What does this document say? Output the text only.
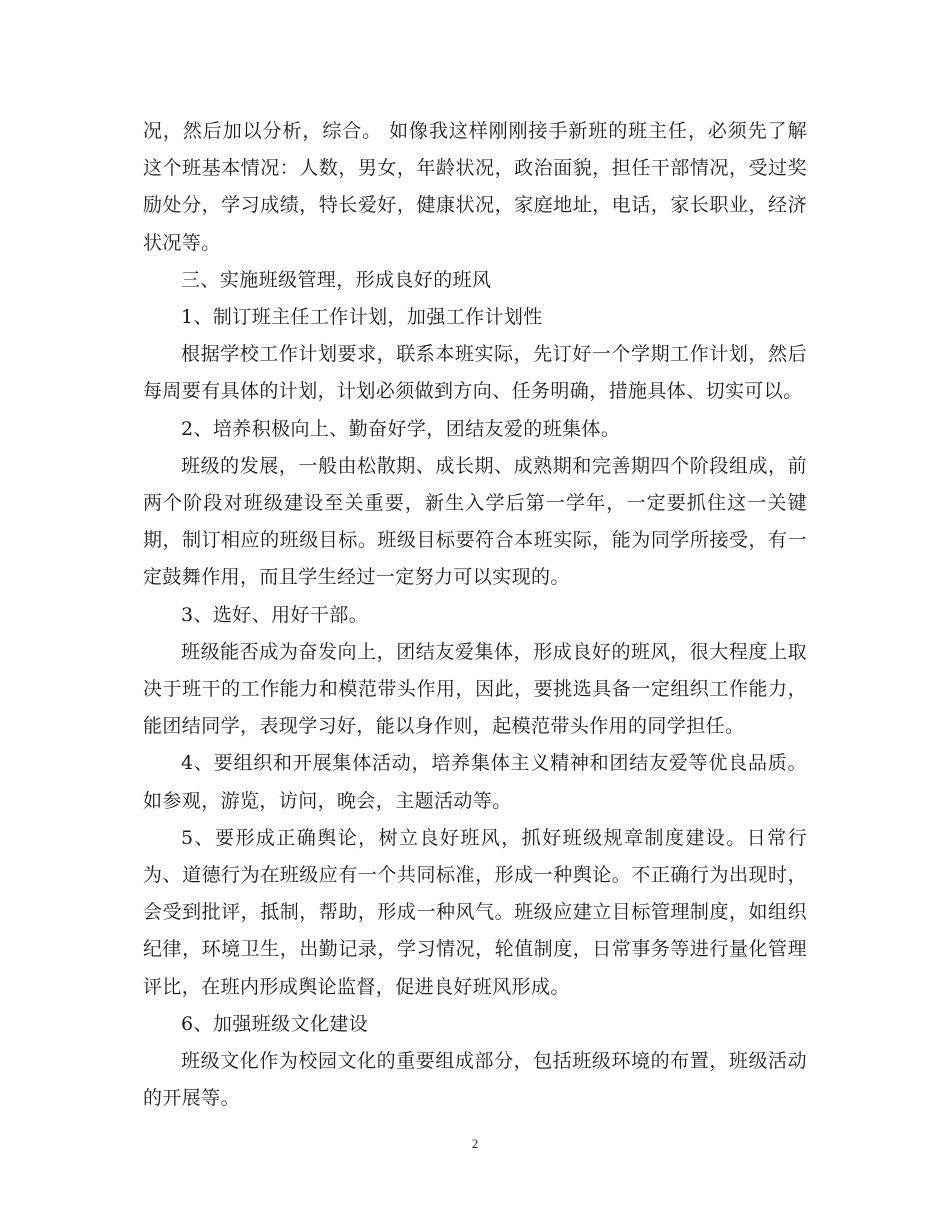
况，然后加以分析，综合。 如像我这样刚刚接手新班的班主任，必须先了解这个班基本情况：人数，男女，年龄状况，政治面貌，担任干部情况，受过奖励处分，学习成绩，特长爱好，健康状况，家庭地址，电话，家长职业，经济状况等。

三、实施班级管理，形成良好的班风

1、制订班主任工作计划，加强工作计划性

根据学校工作计划要求，联系本班实际，先订好一个学期工作计划，然后每周要有具体的计划，计划必须做到方向、任务明确，措施具体、切实可以。

2、培养积极向上、勤奋好学，团结友爱的班集体。

班级的发展，一般由松散期、成长期、成熟期和完善期四个阶段组成，前两个阶段对班级建设至关重要，新生入学后第一学年，一定要抓住这一关键期，制订相应的班级目标。班级目标要符合本班实际，能为同学所接受，有一定鼓舞作用，而且学生经过一定努力可以实现的。

3、选好、用好干部。

班级能否成为奋发向上，团结友爱集体，形成良好的班风，很大程度上取决于班干的工作能力和模范带头作用，因此，要挑选具备一定组织工作能力，能团结同学，表现学习好，能以身作则，起模范带头作用的同学担任。

4、要组织和开展集体活动，培养集体主义精神和团结友爱等优良品质。如参观，游览，访问，晚会，主题活动等。

5、要形成正确舆论，树立良好班风，抓好班级规章制度建设。日常行为、道德行为在班级应有一个共同标准，形成一种舆论。不正确行为出现时，会受到批评，抵制，帮助，形成一种风气。班级应建立目标管理制度，如组织纪律，环境卫生，出勤记录，学习情况，轮值制度，日常事务等进行量化管理评比，在班内形成舆论监督，促进良好班风形成。

6、加强班级文化建设

班级文化作为校园文化的重要组成部分，包括班级环境的布置，班级活动的开展等。

2
